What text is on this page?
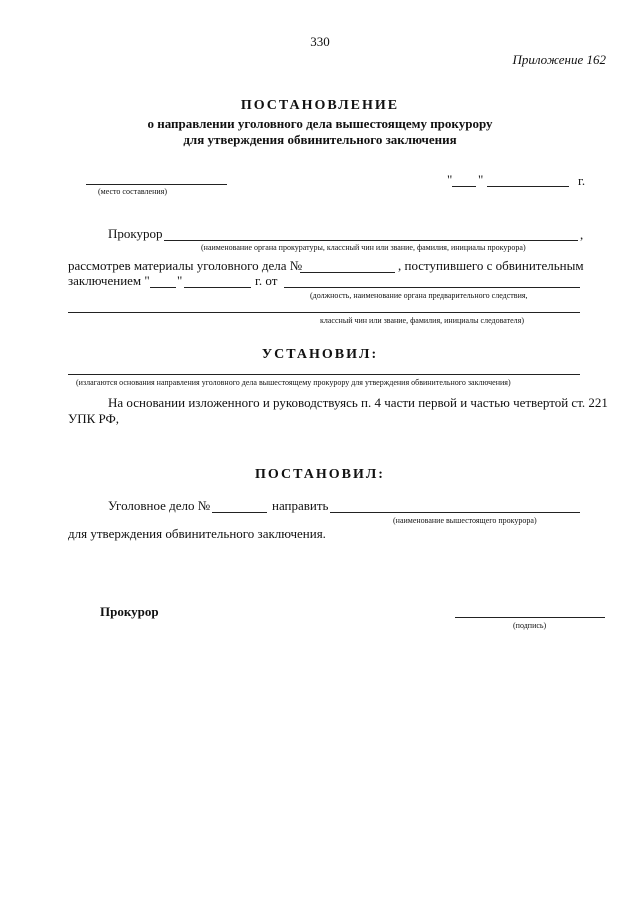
330
Приложение 162
ПОСТАНОВЛЕНИЕ
о направлении уголовного дела вышестоящему прокурору
для утверждения обвинительного заключения
(место составления)
" "	г.
Прокурор	,
(наименование органа прокуратуры, классный чин или звание, фамилия, инициалы прокурора)
рассмотрев материалы уголовного дела №	, поступившего с обвинительным
заключением " "	г. от
(должность, наименование органа предварительного следствия,
классный чин или звание, фамилия, инициалы следователя)
УСТАНОВИЛ:
(излагаются основания направления уголовного дела вышестоящему прокурору для утверждения обвинительного заключения)
На основании изложенного и руководствуясь п. 4 части первой и частью четвертой ст. 221
УПК РФ,
ПОСТАНОВИЛ:
Уголовное дело №	направить
(наименование вышестоящего прокурора)
для утверждения обвинительного заключения.
Прокурор
(подпись)
